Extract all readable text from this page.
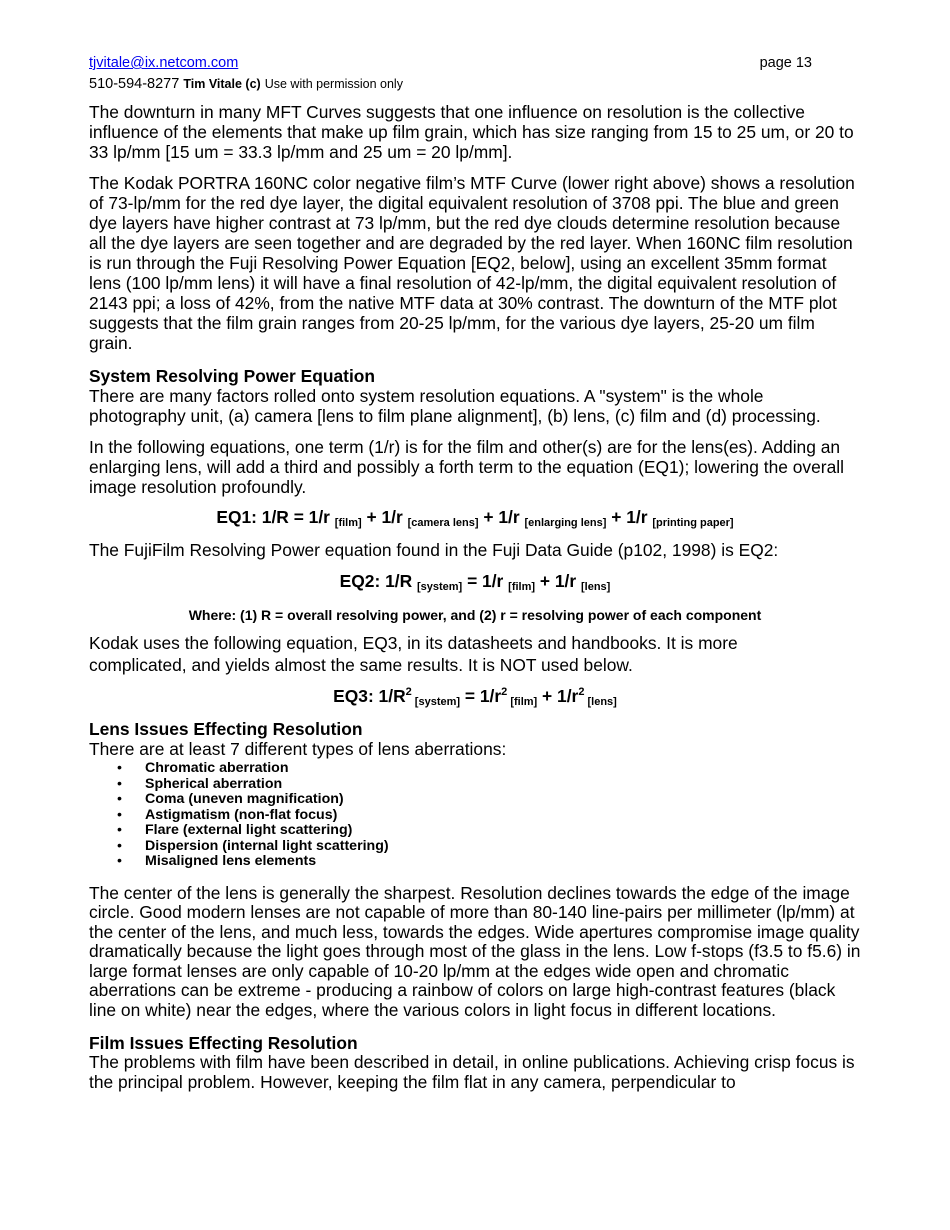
tjvitale@ix.netcom.com	page 13
510-594-8277 Tim Vitale (c) Use with permission only

The downturn in many MFT Curves suggests that one influence on resolution is the collective influence of the elements that make up film grain, which has size ranging from 15 to 25 um, or 20 to 33 lp/mm [15 um = 33.3 lp/mm and 25 um = 20 lp/mm].

The Kodak PORTRA 160NC color negative film’s MTF Curve (lower right above) shows a resolution of 73-lp/mm for the red dye layer, the digital equivalent resolution of 3708 ppi. The blue and green dye layers have higher contrast at 73 lp/mm, but the red dye clouds determine resolution because all the dye layers are seen together and are degraded by the red layer. When 160NC film resolution is run through the Fuji Resolving Power Equation [EQ2, below], using an excellent 35mm format lens (100 lp/mm lens) it will have a final resolution of 42-lp/mm, the digital equivalent resolution of 2143 ppi; a loss of 42%, from the native MTF data at 30% contrast. The downturn of the MTF plot suggests that the film grain ranges from 20-25 lp/mm, for the various dye layers, 25-20 um film grain.

System Resolving Power Equation

There are many factors rolled onto system resolution equations. A "system" is the whole photography unit, (a) camera [lens to film plane alignment], (b) lens, (c) film and (d) processing.

In the following equations, one term (1/r) is for the film and other(s) are for the lens(es). Adding an enlarging lens, will add a third and possibly a forth term to the equation (EQ1); lowering the overall image resolution profoundly.

EQ1: 1/R = 1/r $_{[film]}$ + 1/r $_{[camera lens]}$ + 1/r $_{[enlarging lens]}$ + 1/r $_{[printing paper]}$

The FujiFilm Resolving Power equation found in the Fuji Data Guide (p102, 1998) is EQ2:

EQ2: 1/R $_{[system]}$ = 1/r $_{[film]}$ + 1/r $_{[lens]}$
Where: (1) R = overall resolving power, and (2) r = resolving power of each component

Kodak uses the following equation, EQ3, in its datasheets and handbooks. It is more

complicated, and yields almost the same results. It is NOT used below.

EQ3: $1/R^2$ $_{[system]} = 1/r^2$ $_{[film]} + 1/r^2$ $_{[lens]}$
Lens Issues Effecting Resolution

There are at least 7 different types of lens aberrations:

• Chromatic aberration
• Spherical aberration
• Coma (uneven magnification)
• Astigmatism (non-flat focus)
• Flare (external light scattering)
• Dispersion (internal light scattering)
• Misaligned lens elements

The center of the lens is generally the sharpest. Resolution declines towards the edge of the image circle. Good modern lenses are not capable of more than 80-140 line-pairs per millimeter (lp/mm) at the center of the lens, and much less, towards the edges. Wide apertures compromise image quality dramatically because the light goes through most of the glass in the lens. Low f-stops (f3.5 to f5.6) in large format lenses are only capable of 10-20 lp/mm at the edges wide open and chromatic aberrations can be extreme - producing a rainbow of colors on large high-contrast features (black line on white) near the edges, where the various colors in light focus in different locations.

Film Issues Effecting Resolution

The problems with film have been described in detail, in online publications. Achieving crisp focus is the principal problem. However, keeping the film flat in any camera, perpendicular to
